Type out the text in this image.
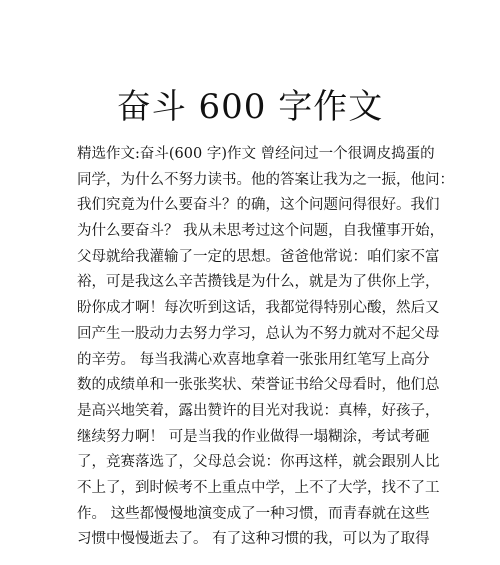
奋斗 600 字作文
精选作文:奋斗(600 字)作文 曾经问过一个很调皮捣蛋的
同学，为什么不努力读书。他的答案让我为之一振，他问：
我们究竟为什么要奋斗？的确，这个问题问得很好。我们
为什么要奋斗？ 我从未思考过这个问题，自我懂事开始，
父母就给我灌输了一定的思想。爸爸他常说：咱们家不富
裕，可是我这么辛苦攒钱是为什么，就是为了供你上学，
盼你成才啊！每次听到这话，我都觉得特别心酸，然后又
回产生一股动力去努力学习，总认为不努力就对不起父母
的辛劳。 每当我满心欢喜地拿着一张张用红笔写上高分
数的成绩单和一张张奖状、荣誉证书给父母看时，他们总
是高兴地笑着，露出赞许的目光对我说：真棒，好孩子，
继续努力啊！ 可是当我的作业做得一塌糊涂，考试考砸
了，竞赛落选了，父母总会说：你再这样，就会跟别人比
不上了，到时候考不上重点中学，上不了大学，找不了工
作。 这些都慢慢地演变成了一种习惯，而青春就在这些
习惯中慢慢逝去了。 有了这种习惯的我，可以为了取得
